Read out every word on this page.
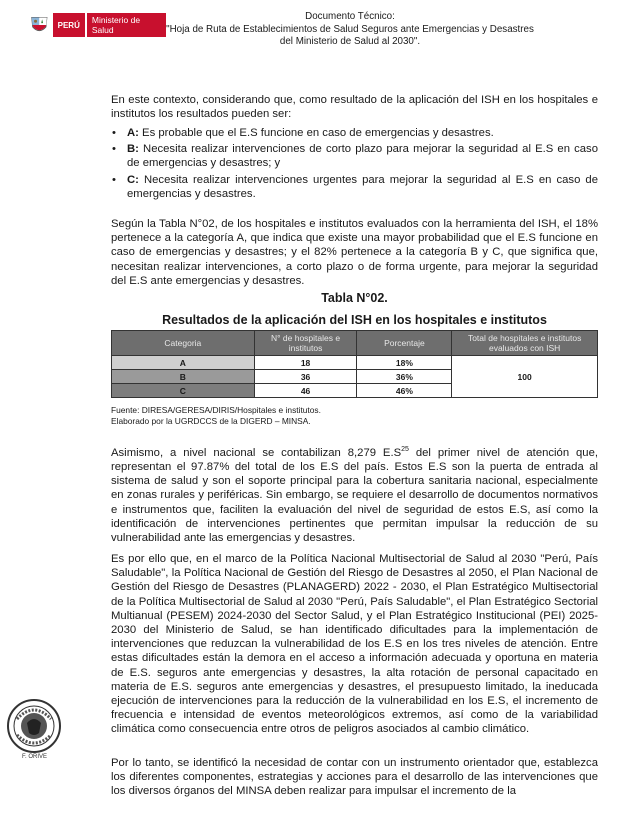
PERÚ	Ministerio de Salud
Documento Técnico:
"Hoja de Ruta de Establecimientos de Salud Seguros ante Emergencias y Desastres
del Ministerio de Salud al 2030".

En este contexto, considerando que, como resultado de la aplicación del ISH en los hospitales e institutos los resultados pueden ser:

• A: Es probable que el E.S funcione en caso de emergencias y desastres.
• B: Necesita realizar intervenciones de corto plazo para mejorar la seguridad al E.S en caso de emergencias y desastres; y
• C: Necesita realizar intervenciones urgentes para mejorar la seguridad al E.S en caso de emergencias y desastres.

Según la Tabla N°02, de los hospitales e institutos evaluados con la herramienta del ISH, el 18% pertenece a la categoría A, que indica que existe una mayor probabilidad que el E.S funcione en caso de emergencias y desastres; y el 82% pertenece a la categoría B y C, que significa que, necesitan realizar intervenciones, a corto plazo o de forma urgente, para mejorar la seguridad del E.S ante emergencias y desastres.

Tabla N°02.

Resultados de la aplicación del ISH en los hospitales e institutos

Categoria	N° de hospitales e institutos	Porcentaje	Total de hospitales e institutos evaluados con ISH
A	18	18%	100
B	36	36%	
C	46	46%	

Fuente: DIRESA/GERESA/DIRIS/Hospitales e institutos.

Elaborado por la UGRDCCS de la DIGERD – MINSA.

Asimismo, a nivel nacional se contabilizan 8,279 $E.S^{25}$ del primer nivel de atención que, representan el 97.87% del total de los E.S del país. Estos E.S son la puerta de entrada al sistema de salud y son el soporte principal para la cobertura sanitaria nacional, especialmente en zonas rurales y periféricas. Sin embargo, se requiere el desarrollo de documentos normativos e instrumentos que, faciliten la evaluación del nivel de seguridad de estos E.S, así como la identificación de intervenciones pertinentes que permitan impulsar la reducción de su vulnerabilidad ante las emergencias y desastres.

Es por ello que, en el marco de la Política Nacional Multisectorial de Salud al 2030 "Perú, País Saludable", la Política Nacional de Gestión del Riesgo de Desastres al 2050, el Plan Nacional de Gestión del Riesgo de Desastres (PLANAGERD) 2022 - 2030, el Plan Estratégico Multisectorial de la Política Multisectorial de Salud al 2030 "Perú, País Saludable", el Plan Estratégico Sectorial Multianual (PESEM) 2024-2030 del Sector Salud, y el Plan Estratégico Institucional (PEI) 2025-2030 del Ministerio de Salud, se han identificado dificultades para la implementación de intervenciones que reduzcan la vulnerabilidad de los E.S en los tres niveles de atención. Entre estas dificultades están la demora en el acceso a información adecuada y oportuna en materia de E.S. seguros ante emergencias y desastres, la alta rotación de personal capacitado en materia de E.S. seguros ante emergencias y desastres, el presupuesto limitado, la ineducada ejecución de intervenciones para la reducción de la vulnerabilidad en los E.S, el incremento de frecuencia e intensidad de eventos meteorológicos extremos, así como de la variabilidad climática como consecuencia entre otros de peligros asociados al cambio climático.

Por lo tanto, se identificó la necesidad de contar con un instrumento orientador que, establezca los diferentes componentes, estrategias y acciones para el desarrollo de las intervenciones que los diversos órganos del MINSA deben realizar para impulsar el incremento de la

F. ORIVE
